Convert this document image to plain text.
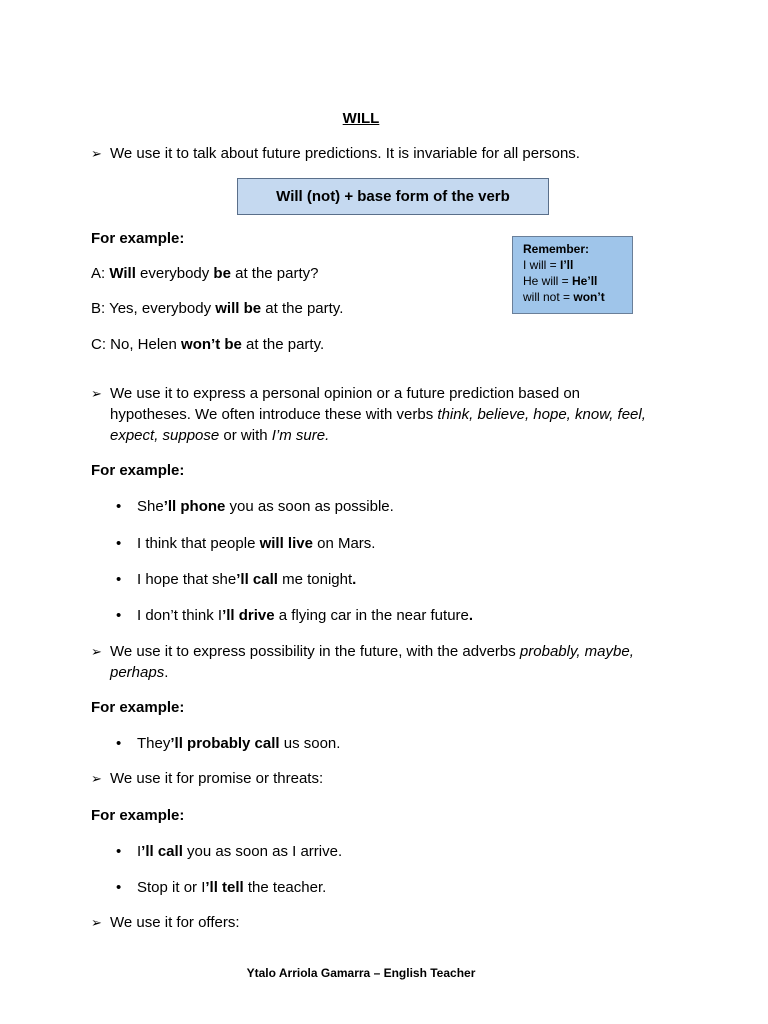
WILL
➢ We use it to talk about future predictions. It is invariable for all persons.
Will (not) + base form of the verb
Remember:
I will = I’ll
He will = He’ll
will not = won’t
For example:
A: Will everybody be at the party?
B: Yes, everybody will be at the party.
C: No, Helen won’t be at the party.
➢ We use it to express a personal opinion or a future prediction based on hypotheses. We often introduce these with verbs think, believe, hope, know, feel, expect, suppose or with I’m sure.
For example:
• She’ll phone you as soon as possible.
• I think that people will live on Mars.
• I hope that she’ll call me tonight.
• I don’t think I’ll drive a flying car in the near future.
➢ We use it to express possibility in the future, with the adverbs probably, maybe, perhaps.
For example:
• They’ll probably call us soon.
➢ We use it for promise or threats:
For example:
• I’ll call you as soon as I arrive.
• Stop it or I’ll tell the teacher.
➢ We use it for offers:
Ytalo Arriola Gamarra – English Teacher
